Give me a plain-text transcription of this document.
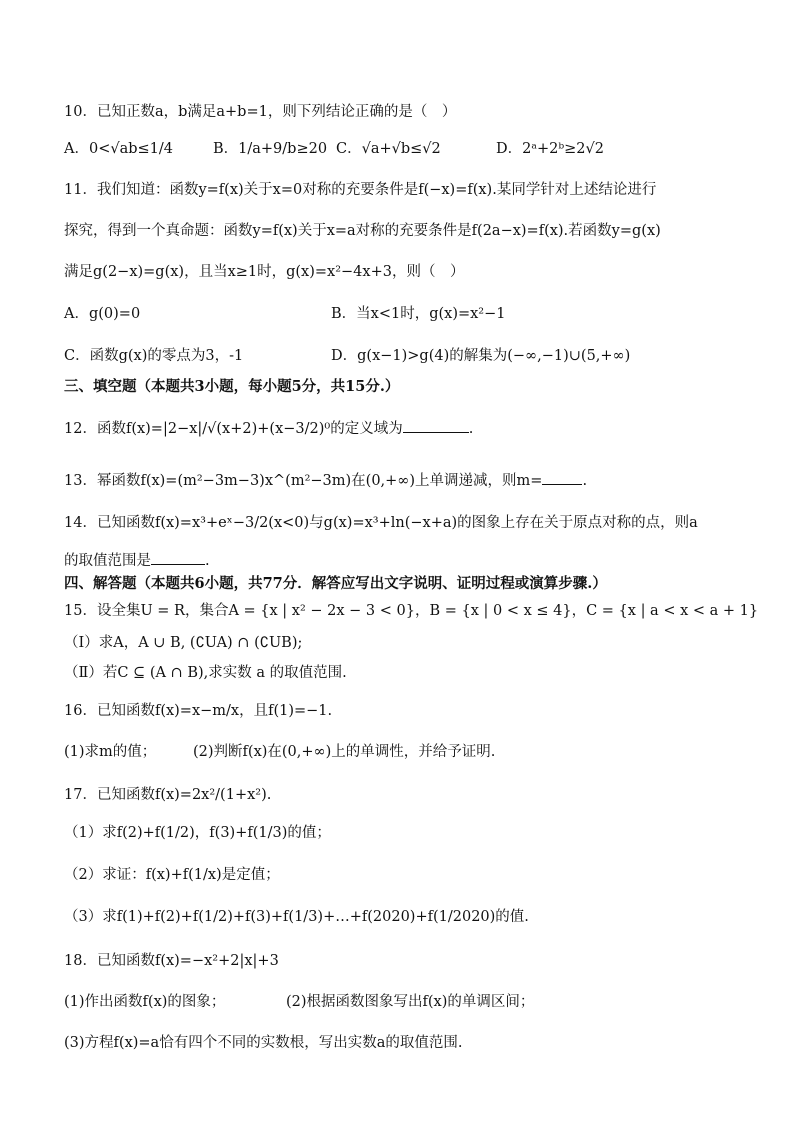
10．已知正数a，b满足a+b=1，则下列结论正确的是（　）
A．0<√ab≤1/4	B．1/a+9/b≥20 C．√a+√b≤√2	D．2ᵃ+2ᵇ≥2√2
11．我们知道：函数y=f(x)关于x=0对称的充要条件是f(−x)=f(x).某同学针对上述结论进行
探究，得到一个真命题：函数y=f(x)关于x=a对称的充要条件是f(2a−x)=f(x).若函数y=g(x)
满足g(2−x)=g(x)，且当x≥1时，g(x)=x²−4x+3，则（　）
A．g(0)=0	B．当x<1时，g(x)=x²−1
C．函数g(x)的零点为3，-1	D．g(x−1)>g(4)的解集为(−∞,−1)∪(5,+∞)
三、填空题（本题共3小题，每小题5分，共15分.）
12．函数f(x)=|2−x|/√(x+2)+(x−3/2)⁰的定义域为	.
13．幂函数f(x)=(m²−3m−3)x^(m²−3m)在(0,+∞)上单调递减，则m=	.
14．已知函数f(x)=x³+eˣ−3/2(x<0)与g(x)=x³+ln(−x+a)的图象上存在关于原点对称的点，则a
的取值范围是	.
四、解答题（本题共6小题，共77分．解答应写出文字说明、证明过程或演算步骤.）
15．设全集U = R，集合A = {x | x² − 2x − 3 < 0}，B = {x | 0 < x ≤ 4}，C = {x | a < x < a + 1}
（Ⅰ）求A，A ∪ B, (∁UA) ∩ (∁UB);
（Ⅱ）若C ⊆ (A ∩ B),求实数 a 的取值范围.
16．已知函数f(x)=x−m/x，且f(1)=−1.
(1)求m的值；	(2)判断f(x)在(0,+∞)上的单调性，并给予证明.
17．已知函数f(x)=2x²/(1+x²).
（1）求f(2)+f(1/2)，f(3)+f(1/3)的值；
（2）求证：f(x)+f(1/x)是定值；
（3）求f(1)+f(2)+f(1/2)+f(3)+f(1/3)+…+f(2020)+f(1/2020)的值.
18．已知函数f(x)=−x²+2|x|+3
(1)作出函数f(x)的图象；	(2)根据函数图象写出f(x)的单调区间；
(3)方程f(x)=a恰有四个不同的实数根，写出实数a的取值范围.
